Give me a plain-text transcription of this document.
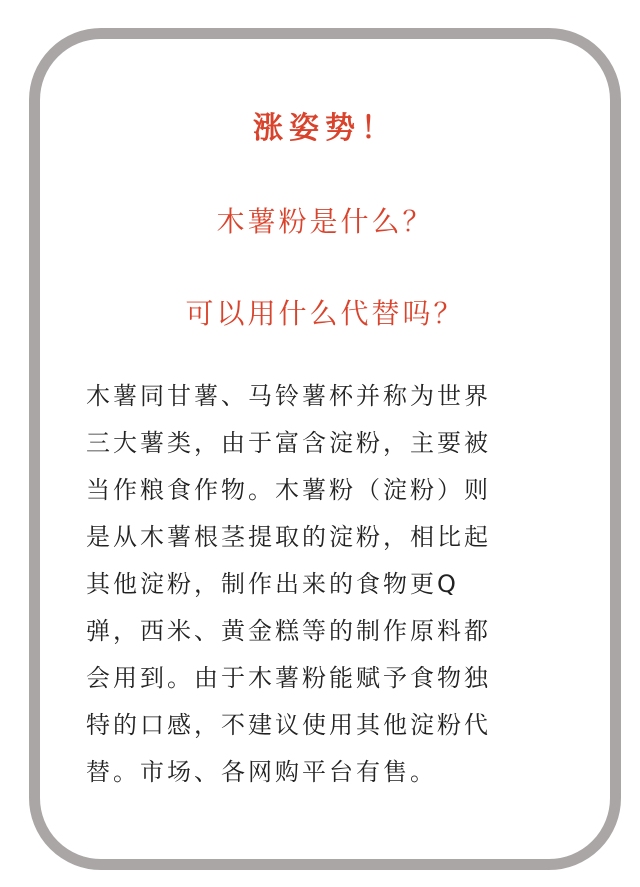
涨姿势！
木薯粉是什么？
可以用什么代替吗？
木薯同甘薯、马铃薯杯并称为世界
三大薯类，由于富含淀粉，主要被
当作粮食作物。木薯粉（淀粉）则
是从木薯根茎提取的淀粉，相比起
其他淀粉，制作出来的食物更Q
弹，西米、黄金糕等的制作原料都
会用到。由于木薯粉能赋予食物独
特的口感，不建议使用其他淀粉代
替。市场、各网购平台有售。
